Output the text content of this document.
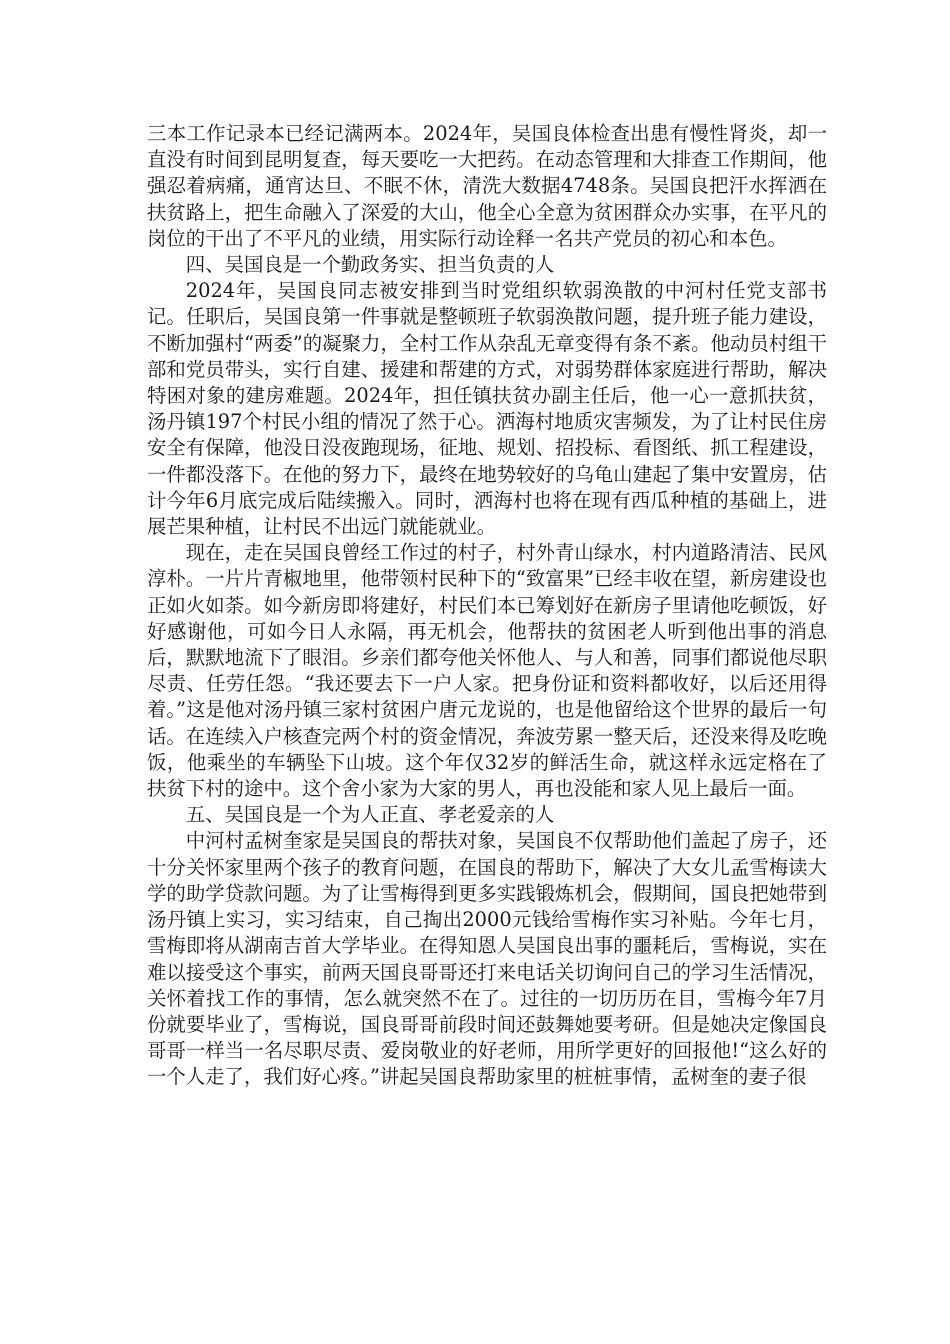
三本工作记录本已经记满两本。2024年，吴国良体检查出患有慢性肾炎，却一直没有时间到昆明复查，每天要吃一大把药。在动态管理和大排查工作期间，他强忍着病痛，通宵达旦、不眠不休，清洗大数据4748条。吴国良把汗水挥洒在扶贫路上，把生命融入了深爱的大山，他全心全意为贫困群众办实事，在平凡的岗位的干出了不平凡的业绩，用实际行动诠释一名共产党员的初心和本色。

四、吴国良是一个勤政务实、担当负责的人

2024年，吴国良同志被安排到当时党组织软弱涣散的中河村任党支部书记。任职后，吴国良第一件事就是整顿班子软弱涣散问题，提升班子能力建设，不断加强村“两委”的凝聚力，全村工作从杂乱无章变得有条不紊。他动员村组干部和党员带头，实行自建、援建和帮建的方式，对弱势群体家庭进行帮助，解决特困对象的建房难题。2024年，担任镇扶贫办副主任后，他一心一意抓扶贫，汤丹镇197个村民小组的情况了然于心。洒海村地质灾害频发，为了让村民住房安全有保障，他没日没夜跑现场，征地、规划、招投标、看图纸、抓工程建设，一件都没落下。在他的努力下，最终在地势较好的乌龟山建起了集中安置房，估计今年6月底完成后陆续搬入。同时，洒海村也将在现有西瓜种植的基础上，进展芒果种植，让村民不出远门就能就业。

现在，走在吴国良曾经工作过的村子，村外青山绿水，村内道路清洁、民风淳朴。一片片青椒地里，他带领村民种下的“致富果”已经丰收在望，新房建设也正如火如荼。如今新房即将建好，村民们本已筹划好在新房子里请他吃顿饭，好好感谢他，可如今日人永隔，再无机会，他帮扶的贫困老人听到他出事的消息后，默默地流下了眼泪。乡亲们都夸他关怀他人、与人和善，同事们都说他尽职尽责、任劳任怨。“我还要去下一户人家。把身份证和资料都收好，以后还用得着。”这是他对汤丹镇三家村贫困户唐元龙说的，也是他留给这个世界的最后一句话。在连续入户核查完两个村的资金情况，奔波劳累一整天后，还没来得及吃晚饭，他乘坐的车辆坠下山坡。这个年仅32岁的鲜活生命，就这样永远定格在了扶贫下村的途中。这个舍小家为大家的男人，再也没能和家人见上最后一面。

五、吴国良是一个为人正直、孝老爱亲的人

中河村孟树奎家是吴国良的帮扶对象，吴国良不仅帮助他们盖起了房子，还十分关怀家里两个孩子的教育问题，在国良的帮助下，解决了大女儿孟雪梅读大学的助学贷款问题。为了让雪梅得到更多实践锻炼机会，假期间，国良把她带到汤丹镇上实习，实习结束，自己掏出2000元钱给雪梅作实习补贴。今年七月，雪梅即将从湖南吉首大学毕业。在得知恩人吴国良出事的噩耗后，雪梅说，实在难以接受这个事实，前两天国良哥哥还打来电话关切询问自己的学习生活情况，关怀着找工作的事情，怎么就突然不在了。过往的一切历历在目，雪梅今年7月份就要毕业了，雪梅说，国良哥哥前段时间还鼓舞她要考研。但是她决定像国良哥哥一样当一名尽职尽责、爱岗敬业的好老师，用所学更好的回报他!“这么好的一个人走了，我们好心疼。”讲起吴国良帮助家里的桩桩事情，孟树奎的妻子很
